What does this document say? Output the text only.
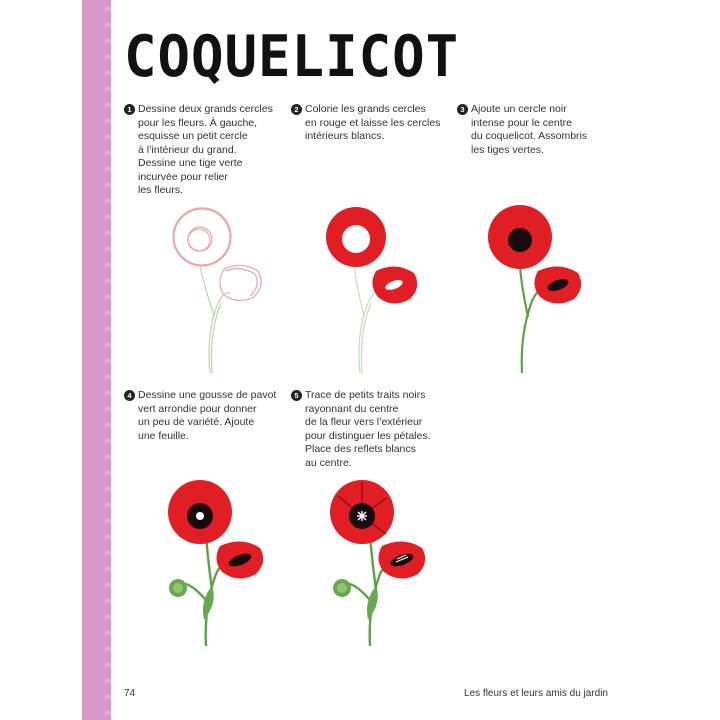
COQUELICOT
1 Dessine deux grands cercles
pour les fleurs. À gauche,
esquisse un petit cercle
à l’intérieur du grand.
Dessine une tige verte
incurvée pour relier
les fleurs.
2 Colorie les grands cercles
en rouge et laisse les cercles
intérieurs blancs.
3 Ajoute un cercle noir
intense pour le centre
du coquelicot. Assombris
les tiges vertes.
4 Dessine une gousse de pavot
vert arrondie pour donner
un peu de variété. Ajoute
une feuille.
5 Trace de petits traits noirs
rayonnant du centre
de la fleur vers l’extérieur
pour distinguer les pétales.
Place des reflets blancs
au centre.
74	Les fleurs et leurs amis du jardin
